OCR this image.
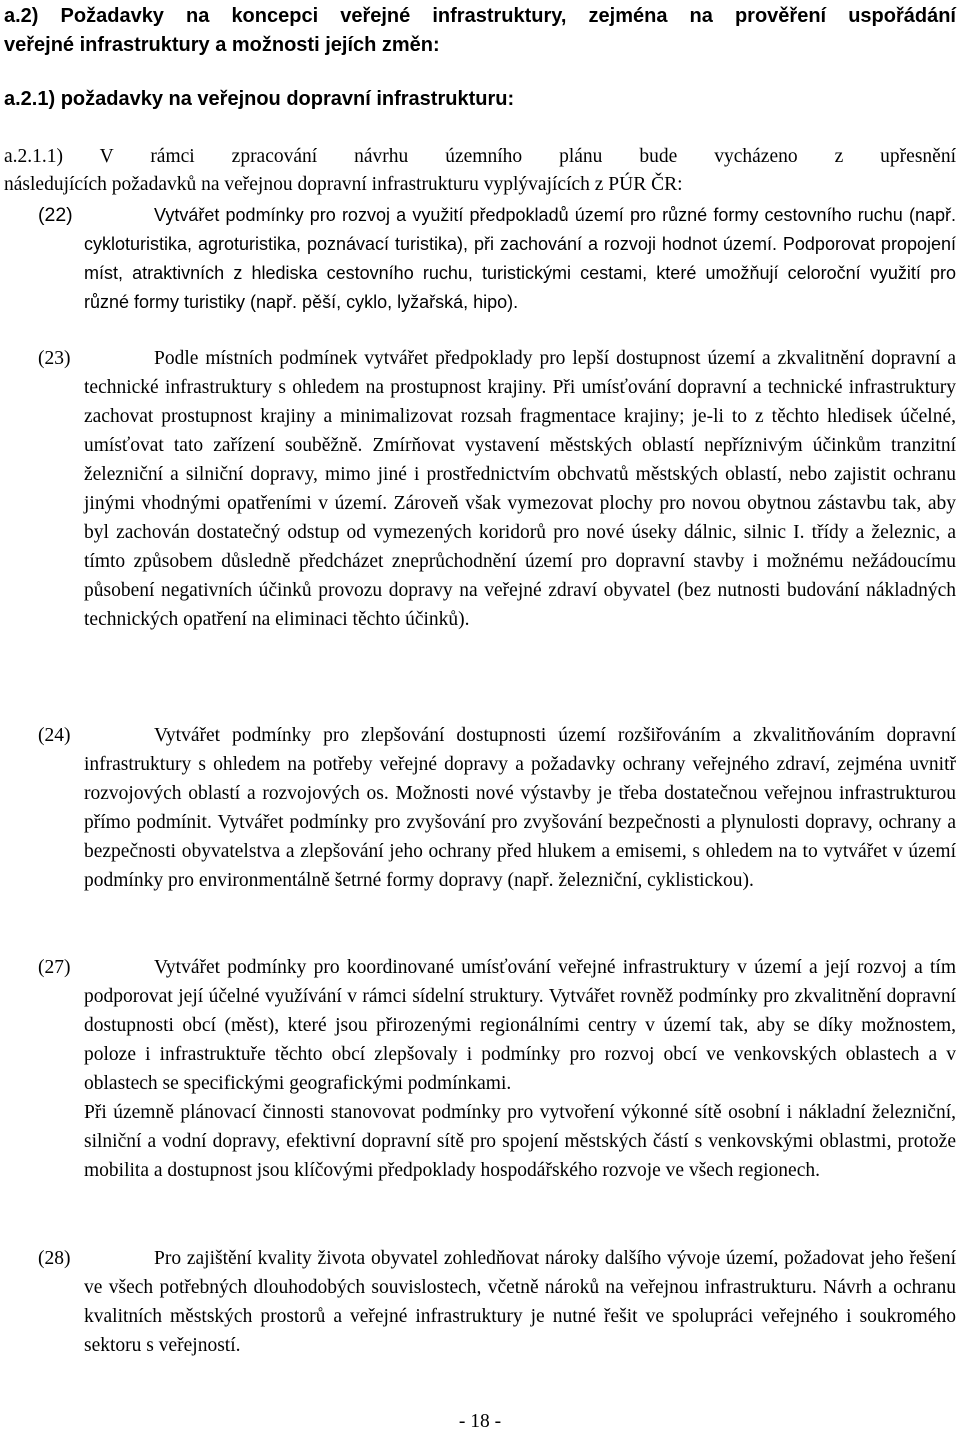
a.2) Požadavky na koncepci veřejné infrastruktury, zejména na prověření uspořádání
veřejné infrastruktury a možnosti jejích změn:
a.2.1) požadavky na veřejnou dopravní infrastrukturu:
a.2.1.1) V rámci zpracování návrhu územního plánu bude vycházeno z upřesnění
následujících požadavků na veřejnou dopravní infrastrukturu vyplývajících z PÚR ČR:
(22)	Vytvářet podmínky pro rozvoj a využití předpokladů území pro různé formy cestovního ruchu (např. cykloturistika, agroturistika, poznávací turistika), při zachování a rozvoji hodnot území. Podporovat propojení míst, atraktivních z hlediska cestovního ruchu, turistickými cestami, které umožňují celoroční využití pro různé formy turistiky (např. pěší, cyklo, lyžařská, hipo).

(23)	Podle místních podmínek vytvářet předpoklady pro lepší dostupnost území a zkvalitnění dopravní a technické infrastruktury s ohledem na prostupnost krajiny. Při umísťování dopravní a technické infrastruktury zachovat prostupnost krajiny a minimalizovat rozsah fragmentace krajiny; je-li to z těchto hledisek účelné, umísťovat tato zařízení souběžně. Zmírňovat vystavení městských oblastí nepříznivým účinkům tranzitní železniční a silniční dopravy, mimo jiné i prostřednictvím obchvatů městských oblastí, nebo zajistit ochranu jinými vhodnými opatřeními v území. Zároveň však vymezovat plochy pro novou obytnou zástavbu tak, aby byl zachován dostatečný odstup od vymezených koridorů pro nové úseky dálnic, silnic I. třídy a železnic, a tímto způsobem důsledně předcházet zneprůchodnění území pro dopravní stavby i možnému nežádoucímu působení negativních účinků provozu dopravy na veřejné zdraví obyvatel (bez nutnosti budování nákladných technických opatření na eliminaci těchto účinků).

(24)	Vytvářet podmínky pro zlepšování dostupnosti území rozšiřováním a zkvalitňováním dopravní infrastruktury s ohledem na potřeby veřejné dopravy a požadavky ochrany veřejného zdraví, zejména uvnitř rozvojových oblastí a rozvojových os. Možnosti nové výstavby je třeba dostatečnou veřejnou infrastrukturou přímo podmínit. Vytvářet podmínky pro zvyšování pro zvyšování bezpečnosti a plynulosti dopravy, ochrany a bezpečnosti obyvatelstva a zlepšování jeho ochrany před hlukem a emisemi, s ohledem na to vytvářet v území podmínky pro environmentálně šetrné formy dopravy (např. železniční, cyklistickou).

(27)	Vytvářet podmínky pro koordinované umísťování veřejné infrastruktury v území a její rozvoj a tím podporovat její účelné využívání v rámci sídelní struktury. Vytvářet rovněž podmínky pro zkvalitnění dopravní dostupnosti obcí (měst), které jsou přirozenými regionálními centry v území tak, aby se díky možnostem, poloze i infrastruktuře těchto obcí zlepšovaly i podmínky pro rozvoj obcí ve venkovských oblastech a v oblastech se specifickými geografickými podmínkami.

Při územně plánovací činnosti stanovovat podmínky pro vytvoření výkonné sítě osobní i nákladní železniční, silniční a vodní dopravy, efektivní dopravní sítě pro spojení městských částí s venkovskými oblastmi, protože mobilita a dostupnost jsou klíčovými předpoklady hospodářského rozvoje ve všech regionech.

(28)	Pro zajištění kvality života obyvatel zohledňovat nároky dalšího vývoje území, požadovat jeho řešení ve všech potřebných dlouhodobých souvislostech, včetně nároků na veřejnou infrastrukturu. Návrh a ochranu kvalitních městských prostorů a veřejné infrastruktury je nutné řešit ve spolupráci veřejného i soukromého sektoru s veřejností.

- 18 -
